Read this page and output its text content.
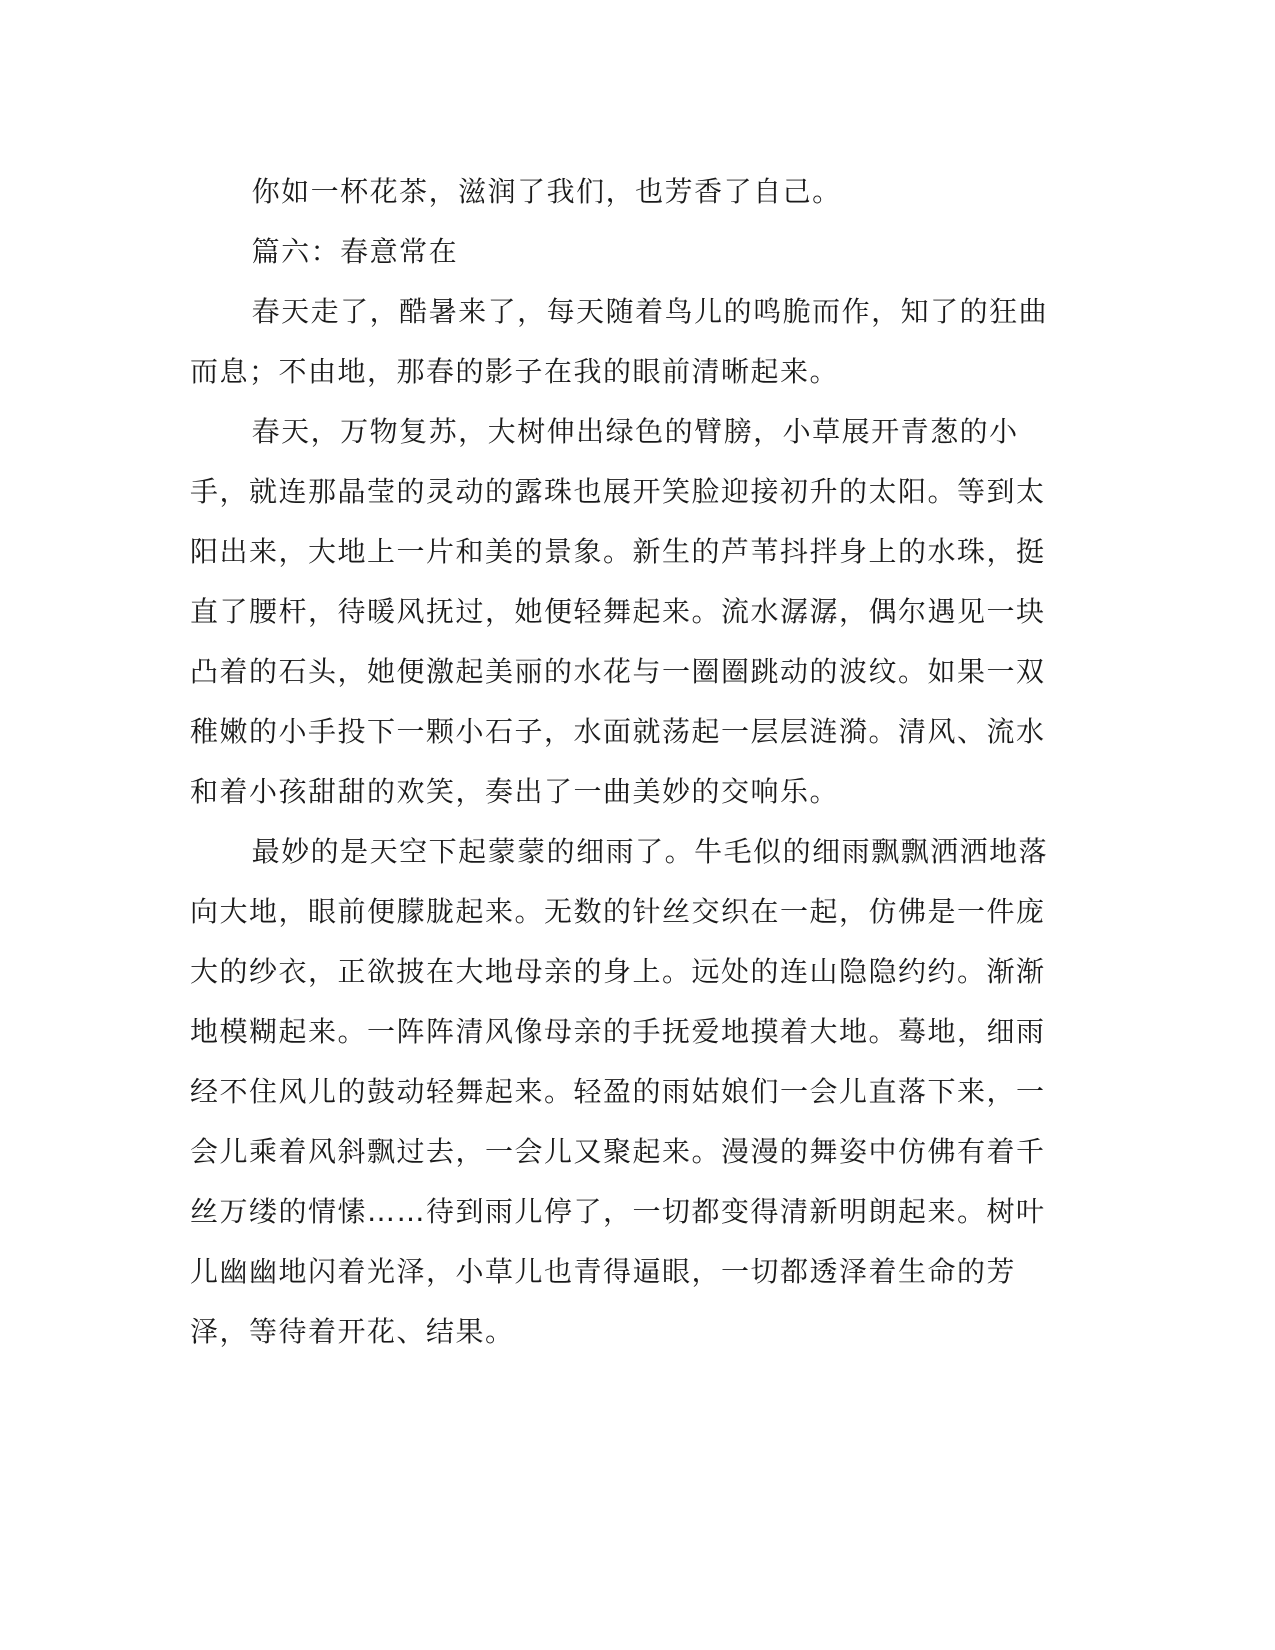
你如一杯花茶，滋润了我们，也芳香了自己。

篇六：春意常在

春天走了，酷暑来了，每天随着鸟儿的鸣脆而作，知了的狂曲而息；不由地，那春的影子在我的眼前清晰起来。

春天，万物复苏，大树伸出绿色的臂膀，小草展开青葱的小手，就连那晶莹的灵动的露珠也展开笑脸迎接初升的太阳。等到太阳出来，大地上一片和美的景象。新生的芦苇抖拌身上的水珠，挺直了腰杆，待暖风抚过，她便轻舞起来。流水潺潺，偶尔遇见一块凸着的石头，她便激起美丽的水花与一圈圈跳动的波纹。如果一双稚嫩的小手投下一颗小石子，水面就荡起一层层涟漪。清风、流水和着小孩甜甜的欢笑，奏出了一曲美妙的交响乐。

最妙的是天空下起蒙蒙的细雨了。牛毛似的细雨飘飘洒洒地落向大地，眼前便朦胧起来。无数的针丝交织在一起，仿佛是一件庞大的纱衣，正欲披在大地母亲的身上。远处的连山隐隐约约。渐渐地模糊起来。一阵阵清风像母亲的手抚爱地摸着大地。蓦地，细雨经不住风儿的鼓动轻舞起来。轻盈的雨姑娘们一会儿直落下来，一会儿乘着风斜飘过去，一会儿又聚起来。漫漫的舞姿中仿佛有着千丝万缕的情愫……待到雨儿停了，一切都变得清新明朗起来。树叶儿幽幽地闪着光泽，小草儿也青得逼眼，一切都透泽着生命的芳泽，等待着开花、结果。
